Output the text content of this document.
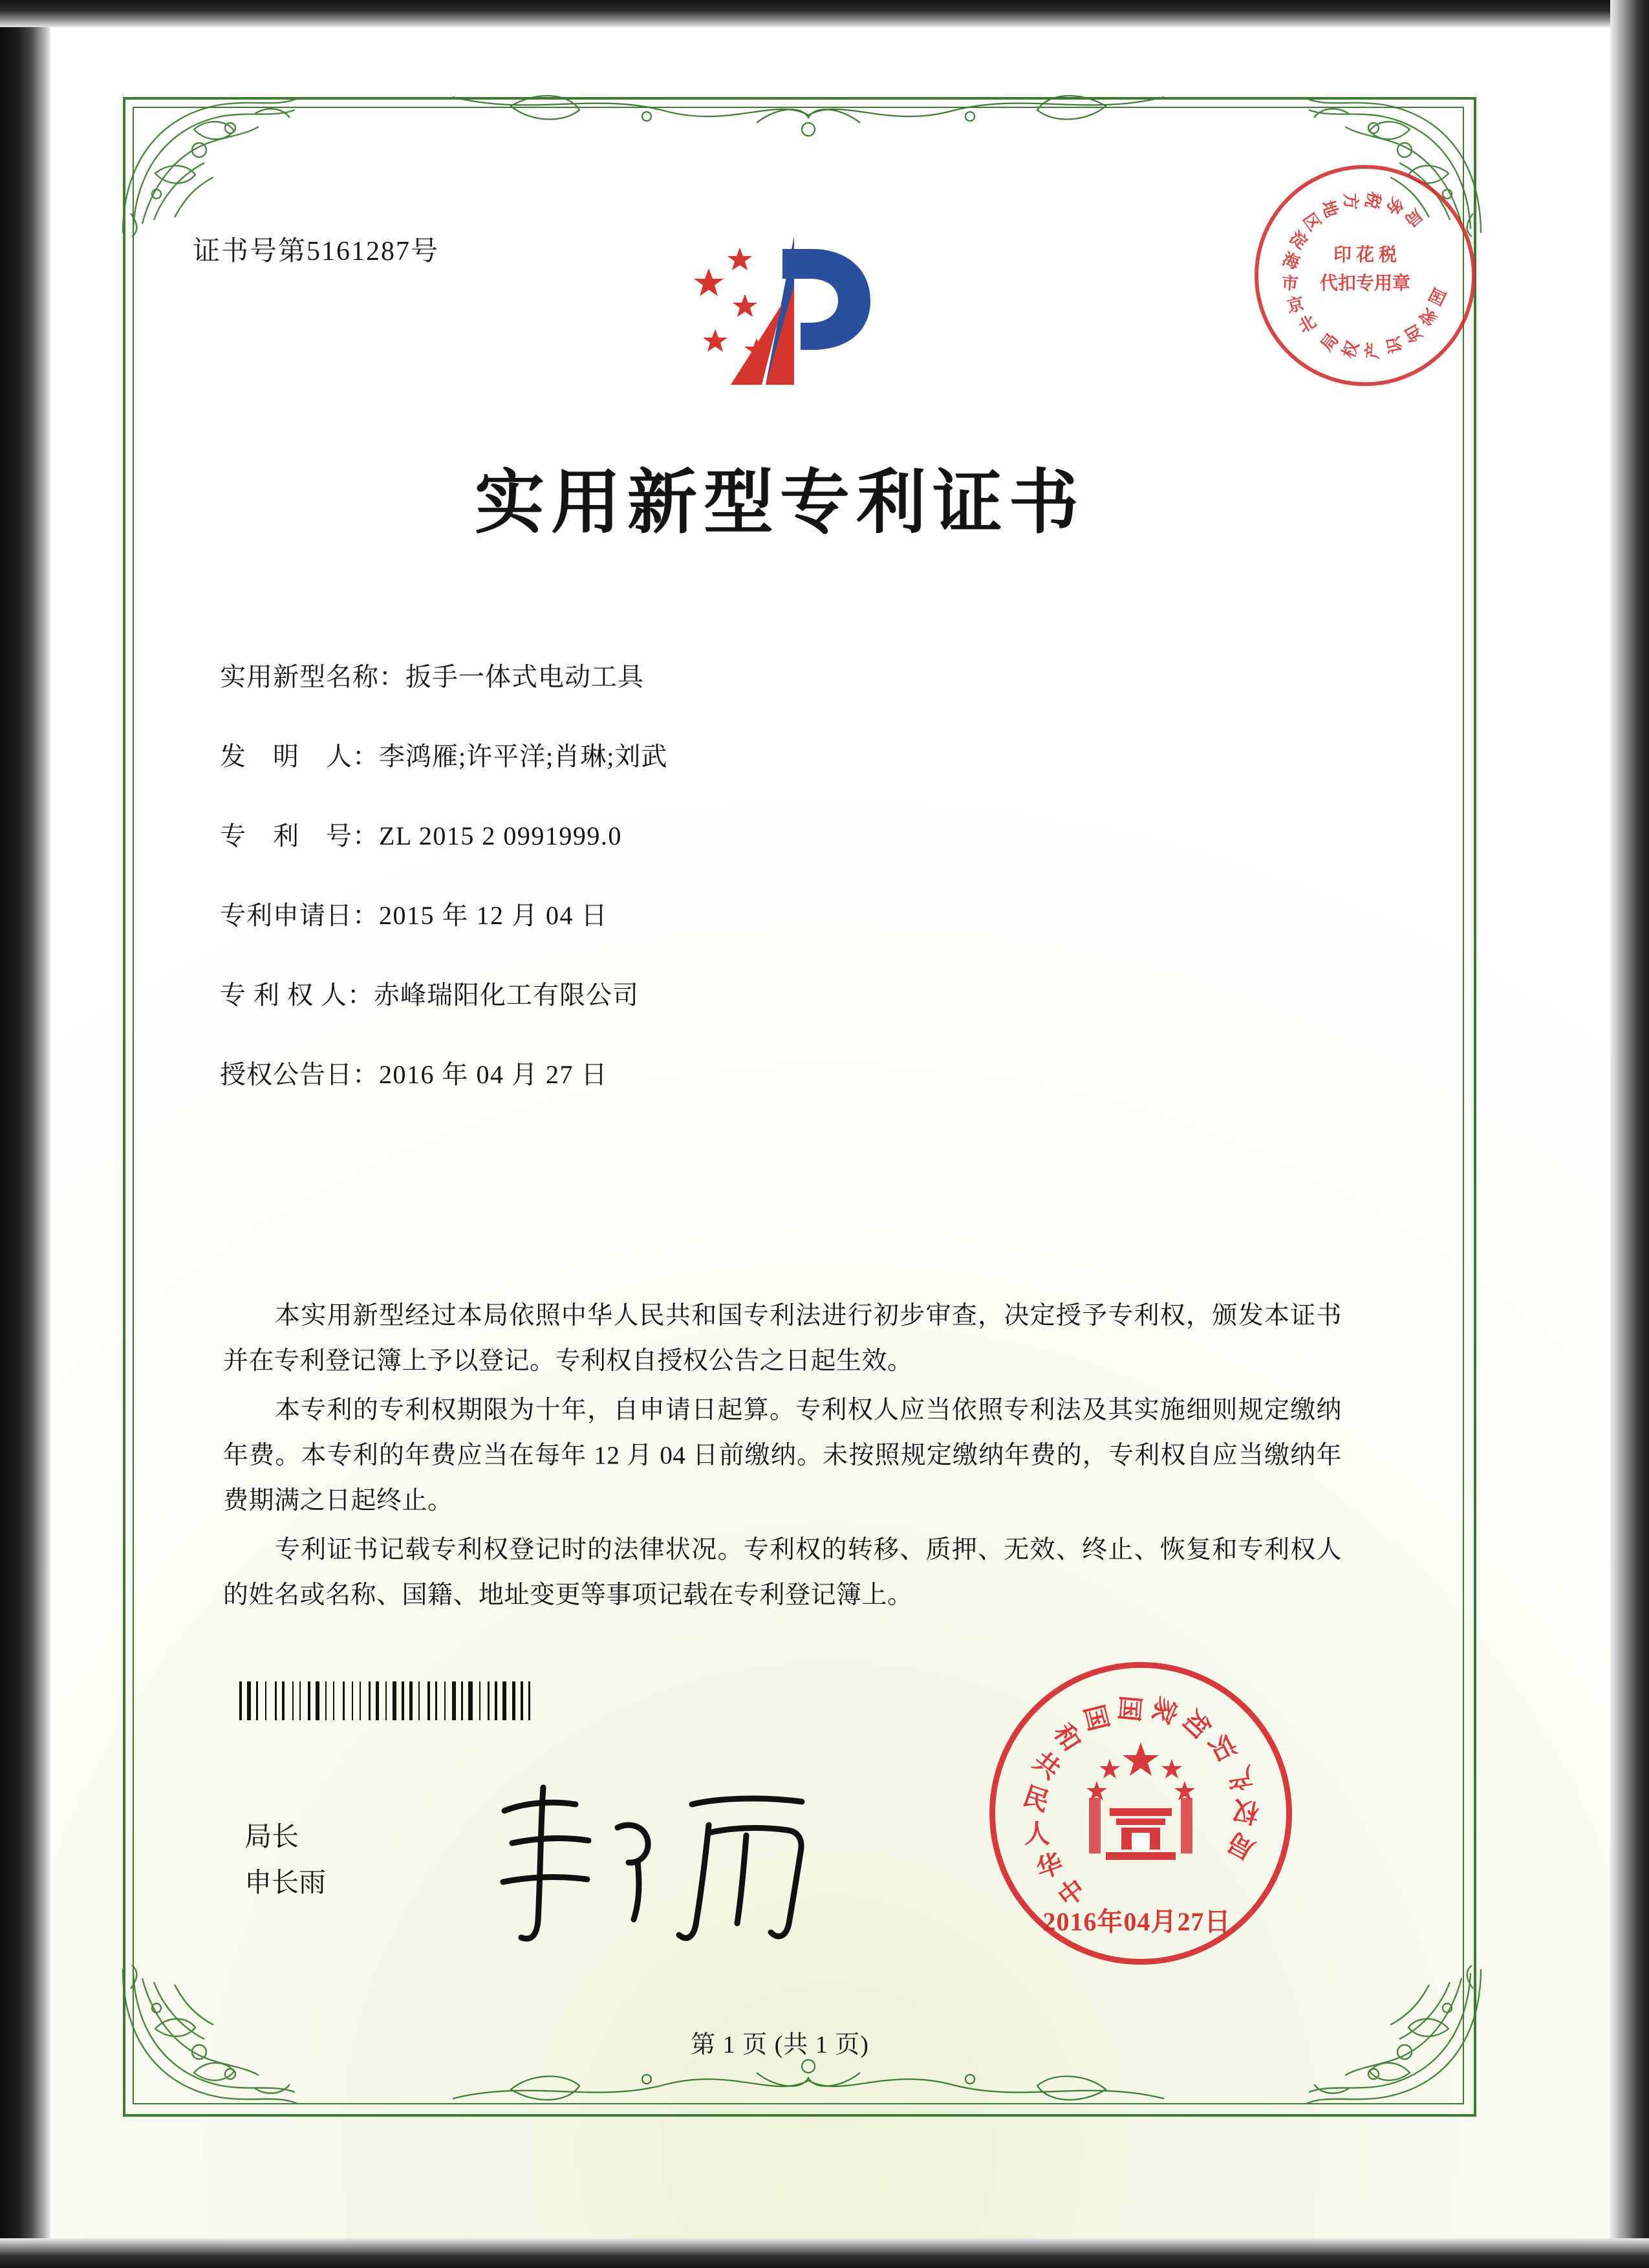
证书号第5161287号
北
京
市
海
淀
区
地 方 税
务
局
国
家
知
识
产
权
局
印 花 税
代扣专用章
实用新型专利证书
实用新型名称：扳手一体式电动工具
发　明　人：李鸿雁;许平洋;肖琳;刘武
专　利　号：ZL 2015 2 0991999.0
专利申请日：2015 年 12 月 04 日
专 利 权 人：赤峰瑞阳化工有限公司
授权公告日：2016 年 04 月 27 日

本实用新型经过本局依照中华人民共和国专利法进行初步审查，决定授予专利权，颁发本证书并在专利登记簿上予以登记。专利权自授权公告之日起生效。

本专利的专利权期限为十年，自申请日起算。专利权人应当依照专利法及其实施细则规定缴纳年费。本专利的年费应当在每年 12 月 04 日前缴纳。未按照规定缴纳年费的，专利权自应当缴纳年费期满之日起终止。

专利证书记载专利权登记时的法律状况。专利权的转移、质押、无效、终止、恢复和专利权人的姓名或名称、国籍、地址变更等事项记载在专利登记簿上。

局长
申长雨	中
华
人
民
共
和
国 国 家
知
识
产
权
局
2016年04月27日
第 1 页 (共 1 页)
